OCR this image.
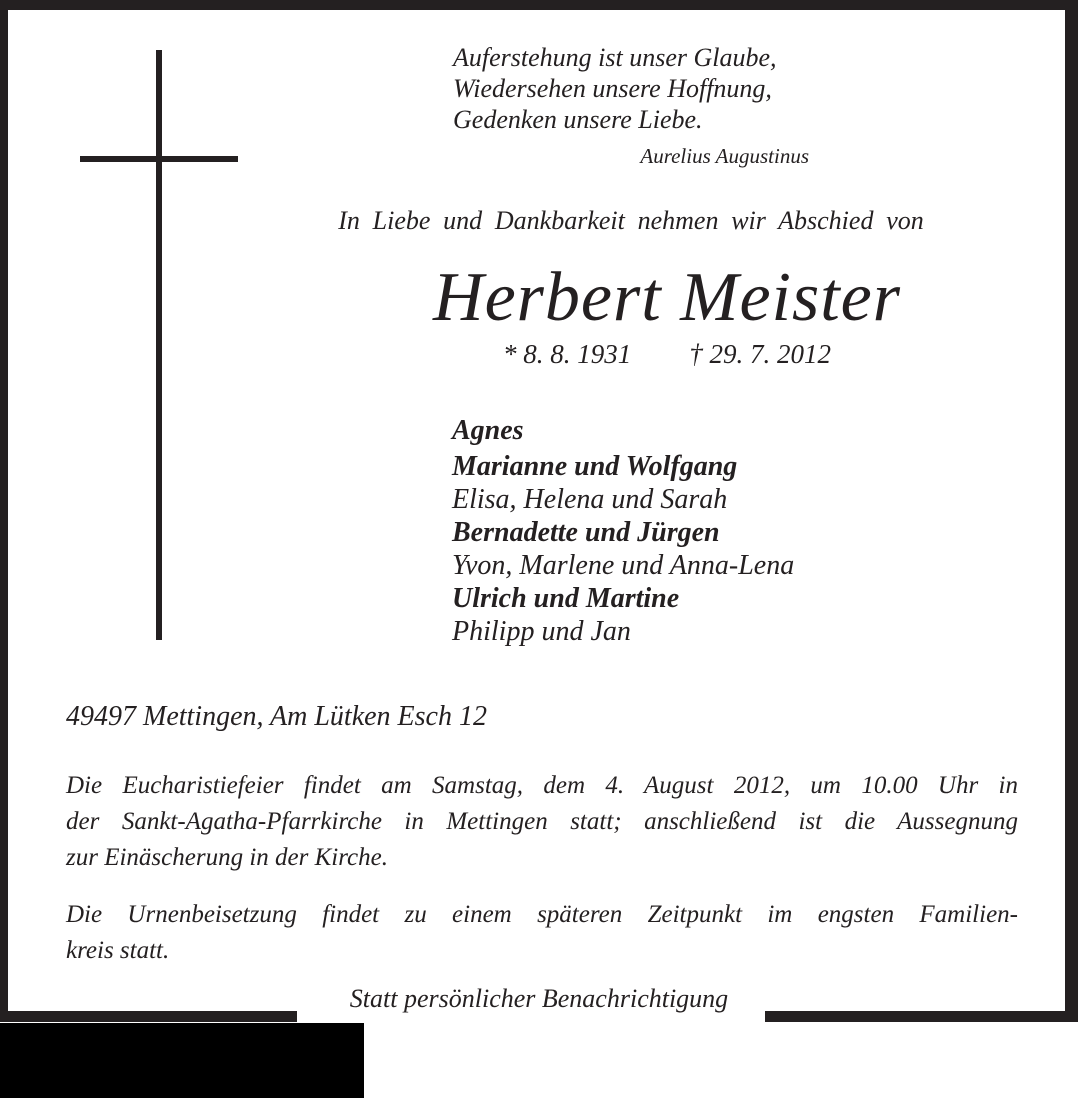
Auferstehung ist unser Glaube,
Wiedersehen unsere Hoffnung,
Gedenken unsere Liebe.
Aurelius Augustinus
In Liebe und Dankbarkeit nehmen wir Abschied von
Herbert Meister
* 8. 8. 1931 † 29. 7. 2012
Agnes
Marianne und Wolfgang
Elisa, Helena und Sarah
Bernadette und Jürgen
Yvon, Marlene und Anna-Lena
Ulrich und Martine
Philipp und Jan
49497 Mettingen, Am Lütken Esch 12
Die Eucharistiefeier findet am Samstag, dem 4. August 2012, um 10.00 Uhr in
der Sankt-Agatha-Pfarrkirche in Mettingen statt; anschließend ist die Aussegnung
zur Einäscherung in der Kirche.
Die Urnenbeisetzung findet zu einem späteren Zeitpunkt im engsten Familien-
kreis statt.
Statt persönlicher Benachrichtigung
